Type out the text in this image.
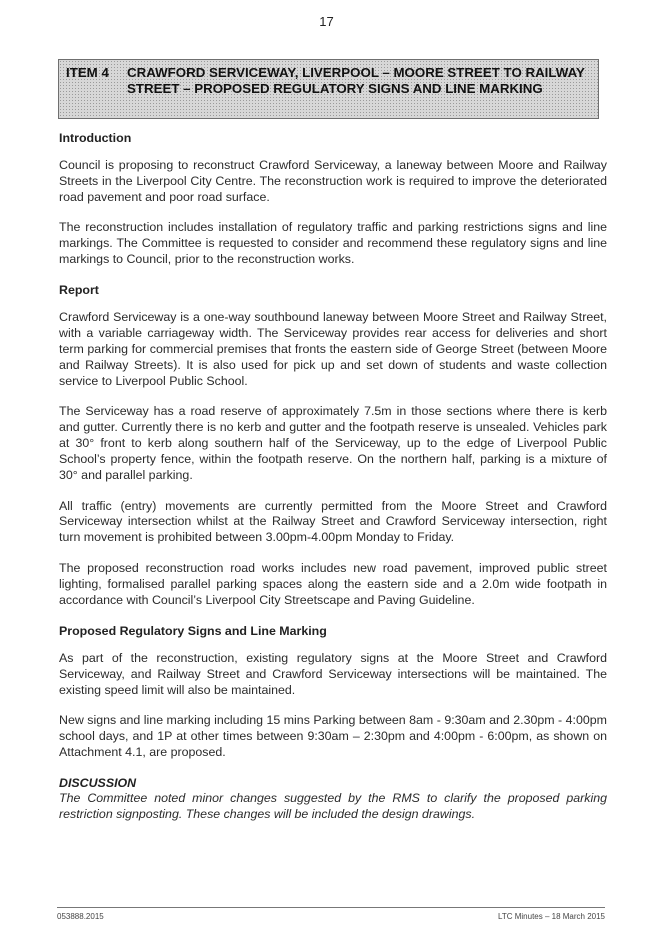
17
ITEM 4 CRAWFORD SERVICEWAY, LIVERPOOL – MOORE STREET TO RAILWAY STREET – PROPOSED REGULATORY SIGNS AND LINE MARKING
Introduction

Council is proposing to reconstruct Crawford Serviceway, a laneway between Moore and Railway Streets in the Liverpool City Centre. The reconstruction work is required to improve the deteriorated road pavement and poor road surface.

The reconstruction includes installation of regulatory traffic and parking restrictions signs and line markings. The Committee is requested to consider and recommend these regulatory signs and line markings to Council, prior to the reconstruction works.

Report

Crawford Serviceway is a one-way southbound laneway between Moore Street and Railway Street, with a variable carriageway width. The Serviceway provides rear access for deliveries and short term parking for commercial premises that fronts the eastern side of George Street (between Moore and Railway Streets). It is also used for pick up and set down of students and waste collection service to Liverpool Public School.

The Serviceway has a road reserve of approximately 7.5m in those sections where there is kerb and gutter. Currently there is no kerb and gutter and the footpath reserve is unsealed. Vehicles park at 30° front to kerb along southern half of the Serviceway, up to the edge of Liverpool Public School’s property fence, within the footpath reserve. On the northern half, parking is a mixture of 30° and parallel parking.

All traffic (entry) movements are currently permitted from the Moore Street and Crawford Serviceway intersection whilst at the Railway Street and Crawford Serviceway intersection, right turn movement is prohibited between 3.00pm-4.00pm Monday to Friday.

The proposed reconstruction road works includes new road pavement, improved public street lighting, formalised parallel parking spaces along the eastern side and a 2.0m wide footpath in accordance with Council’s Liverpool City Streetscape and Paving Guideline.

Proposed Regulatory Signs and Line Marking

As part of the reconstruction, existing regulatory signs at the Moore Street and Crawford Serviceway, and Railway Street and Crawford Serviceway intersections will be maintained. The existing speed limit will also be maintained.

New signs and line marking including 15 mins Parking between 8am - 9:30am and 2.30pm - 4:00pm school days, and 1P at other times between 9:30am – 2:30pm and 4:00pm - 6:00pm, as shown on Attachment 4.1, are proposed.

DISCUSSION

The Committee noted minor changes suggested by the RMS to clarify the proposed parking restriction signposting. These changes will be included the design drawings.

053888.2015	LTC Minutes – 18 March 2015
